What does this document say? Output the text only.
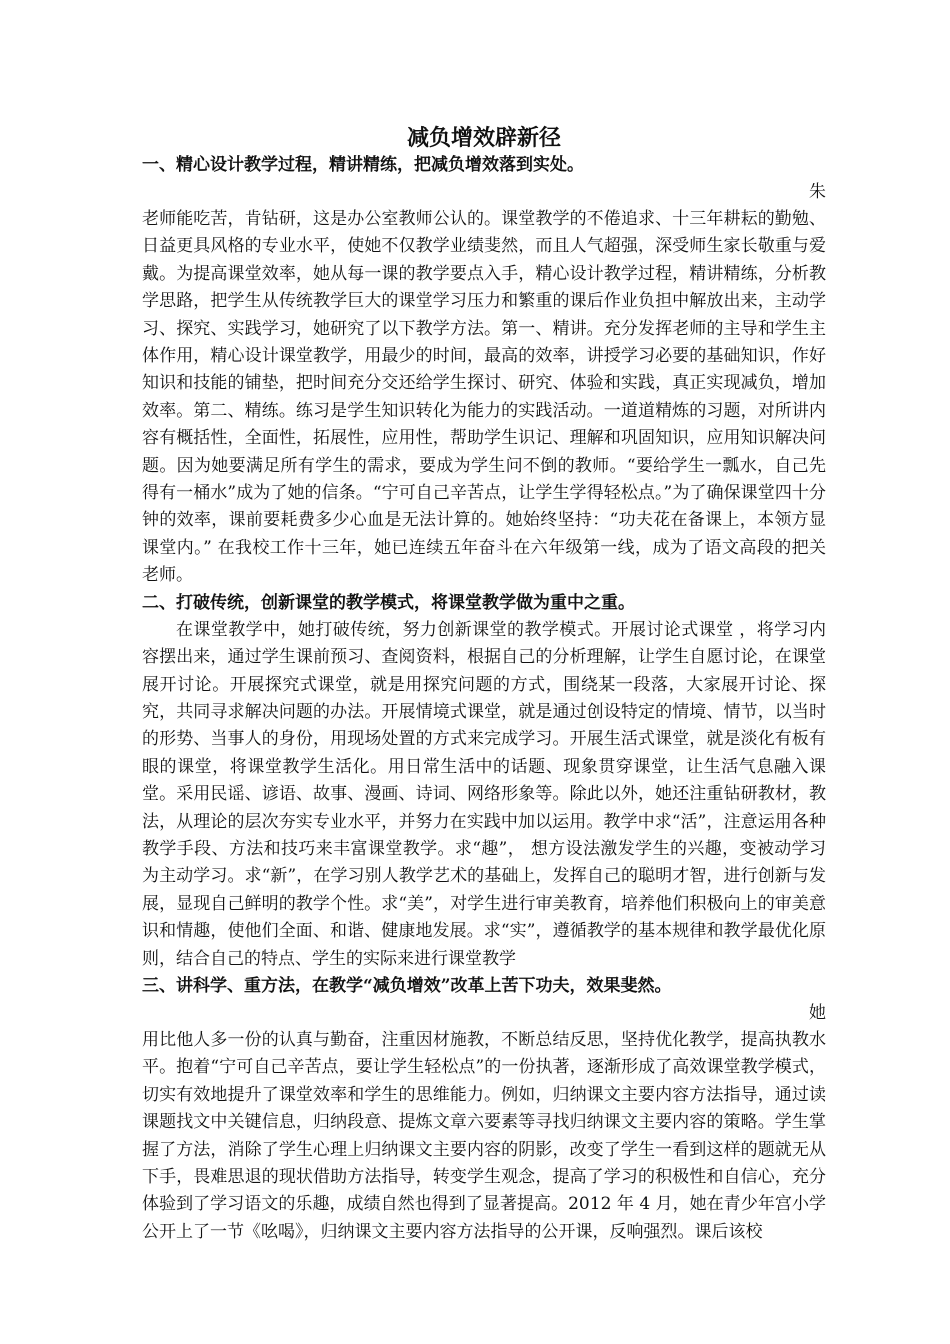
减负增效辟新径
一、精心设计教学过程，精讲精练，把减负增效落到实处。

朱

老师能吃苦，肯钻研，这是办公室教师公认的。课堂教学的不倦追求、十三年耕耘的勤勉、日益更具风格的专业水平，使她不仅教学业绩斐然，而且人气超强，深受师生家长敬重与爱戴。为提高课堂效率，她从每一课的教学要点入手，精心设计教学过程，精讲精练，分析教学思路，把学生从传统教学巨大的课堂学习压力和繁重的课后作业负担中解放出来，主动学习、探究、实践学习，她研究了以下教学方法。第一、精讲。充分发挥老师的主导和学生主体作用，精心设计课堂教学，用最少的时间，最高的效率，讲授学习必要的基础知识，作好知识和技能的铺垫，把时间充分交还给学生探讨、研究、体验和实践，真正实现减负，增加效率。第二、精练。练习是学生知识转化为能力的实践活动。一道道精炼的习题，对所讲内容有概括性，全面性，拓展性，应用性，帮助学生识记、理解和巩固知识，应用知识解决问题。因为她要满足所有学生的需求，要成为学生问不倒的教师。“要给学生一瓢水，自己先得有一桶水”成为了她的信条。“宁可自己辛苦点，让学生学得轻松点。”为了确保课堂四十分钟的效率，课前要耗费多少心血是无法计算的。她始终坚持：“功夫花在备课上，本领方显课堂内。” 在我校工作十三年，她已连续五年奋斗在六年级第一线，成为了语文高段的把关老师。

二、打破传统，创新课堂的教学模式，将课堂教学做为重中之重。

在课堂教学中，她打破传统，努力创新课堂的教学模式。开展讨论式课堂 ，将学习内容摆出来，通过学生课前预习、查阅资料，根据自己的分析理解，让学生自愿讨论，在课堂展开讨论。开展探究式课堂，就是用探究问题的方式，围绕某一段落，大家展开讨论、探究，共同寻求解决问题的办法。开展情境式课堂，就是通过创设特定的情境、情节，以当时的形势、当事人的身份，用现场处置的方式来完成学习。开展生活式课堂，就是淡化有板有眼的课堂，将课堂教学生活化。用日常生活中的话题、现象贯穿课堂，让生活气息融入课堂。采用民谣、谚语、故事、漫画、诗词、网络形象等。除此以外，她还注重钻研教材，教法，从理论的层次夯实专业水平，并努力在实践中加以运用。教学中求“活”，注意运用各种教学手段、方法和技巧来丰富课堂教学。求“趣”， 想方设法激发学生的兴趣，变被动学习为主动学习。求“新”，在学习别人教学艺术的基础上，发挥自己的聪明才智，进行创新与发展，显现自己鲜明的教学个性。求“美”，对学生进行审美教育，培养他们积极向上的审美意识和情趣，使他们全面、和谐、健康地发展。求“实”，遵循教学的基本规律和教学最优化原则，结合自己的特点、学生的实际来进行课堂教学

三、讲科学、重方法，在教学“减负增效”改革上苦下功夫，效果斐然。

她

用比他人多一份的认真与勤奋，注重因材施教，不断总结反思，坚持优化教学，提高执教水平。抱着“宁可自己辛苦点，要让学生轻松点”的一份执著，逐渐形成了高效课堂教学模式，切实有效地提升了课堂效率和学生的思维能力。例如，归纳课文主要内容方法指导，通过读课题找文中关键信息，归纳段意、提炼文章六要素等寻找归纳课文主要内容的策略。学生掌握了方法，消除了学生心理上归纳课文主要内容的阴影，改变了学生一看到这样的题就无从下手，畏难思退的现状借助方法指导，转变学生观念，提高了学习的积极性和自信心，充分体验到了学习语文的乐趣，成绩自然也得到了显著提高。2012 年 4 月，她在青少年宫小学公开上了一节《吆喝》，归纳课文主要内容方法指导的公开课，反响强烈。课后该校
